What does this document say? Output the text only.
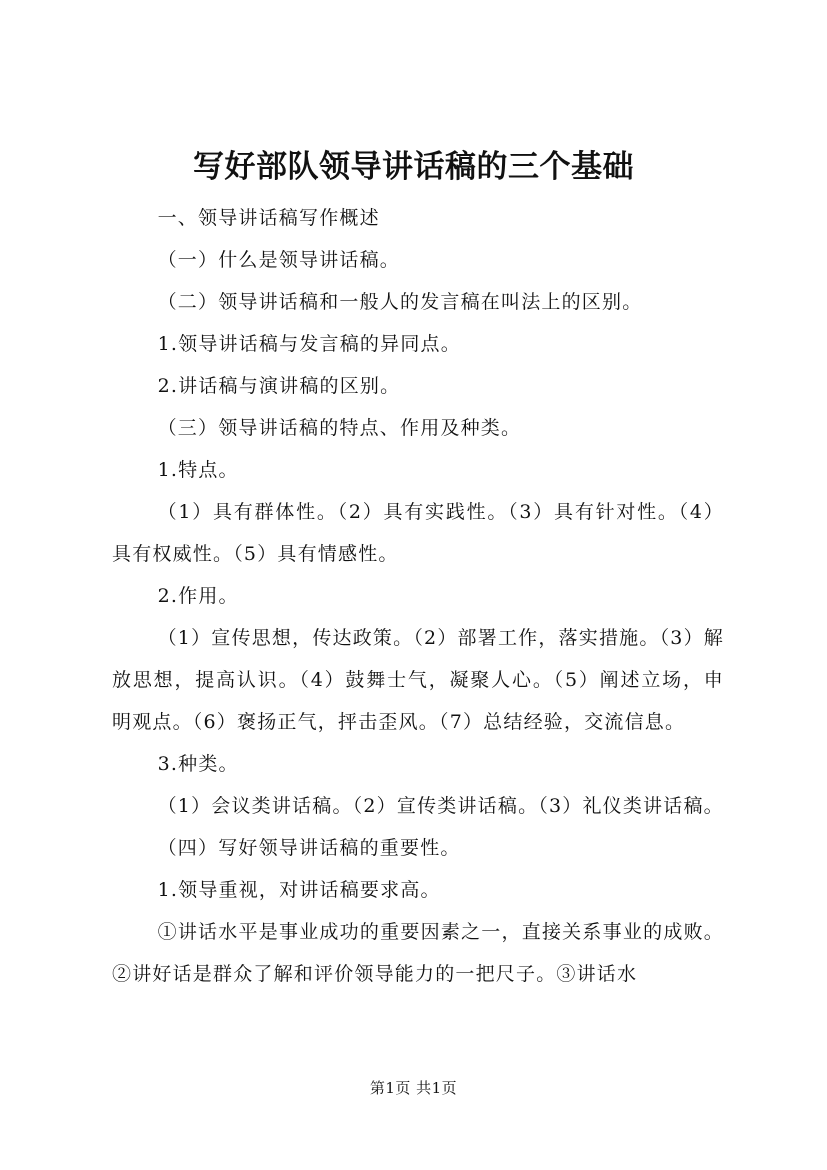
写好部队领导讲话稿的三个基础

一、领导讲话稿写作概述

（一）什么是领导讲话稿。

（二）领导讲话稿和一般人的发言稿在叫法上的区别。

1.领导讲话稿与发言稿的异同点。

2.讲话稿与演讲稿的区别。

（三）领导讲话稿的特点、作用及种类。

1.特点。

（1）具有群体性。（2）具有实践性。（3）具有针对性。（4）具有权威性。（5）具有情感性。

2.作用。

（1）宣传思想，传达政策。（2）部署工作，落实措施。（3）解放思想，提高认识。（4）鼓舞士气，凝聚人心。（5）阐述立场，申明观点。（6）褒扬正气，抨击歪风。（7）总结经验，交流信息。

3.种类。

（1）会议类讲话稿。（2）宣传类讲话稿。（3）礼仪类讲话稿。

（四）写好领导讲话稿的重要性。

1.领导重视，对讲话稿要求高。

①讲话水平是事业成功的重要因素之一，直接关系事业的成败。②讲好话是群众了解和评价领导能力的一把尺子。③讲话水

第1页 共1页
